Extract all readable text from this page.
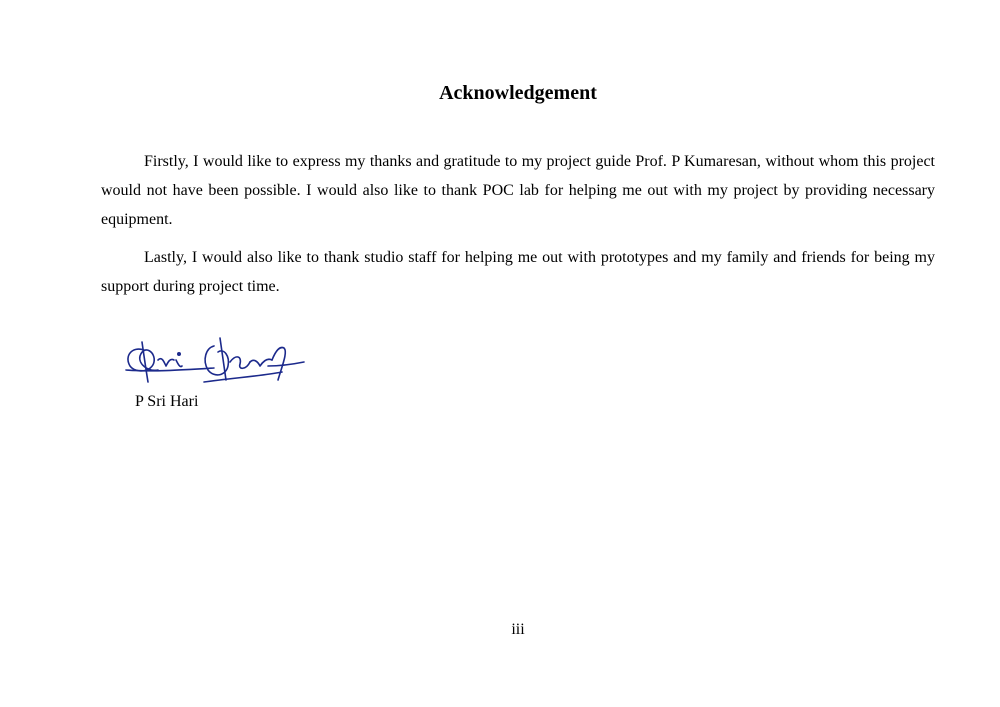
Acknowledgement

Firstly, I would like to express my thanks and gratitude to my project guide Prof. P Kumaresan, without whom this project would not have been possible. I would also like to thank POC lab for helping me out with my project by providing necessary equipment.

Lastly, I would also like to thank studio staff for helping me out with prototypes and my family and friends for being my support during project time.

P Sri Hari
iii
